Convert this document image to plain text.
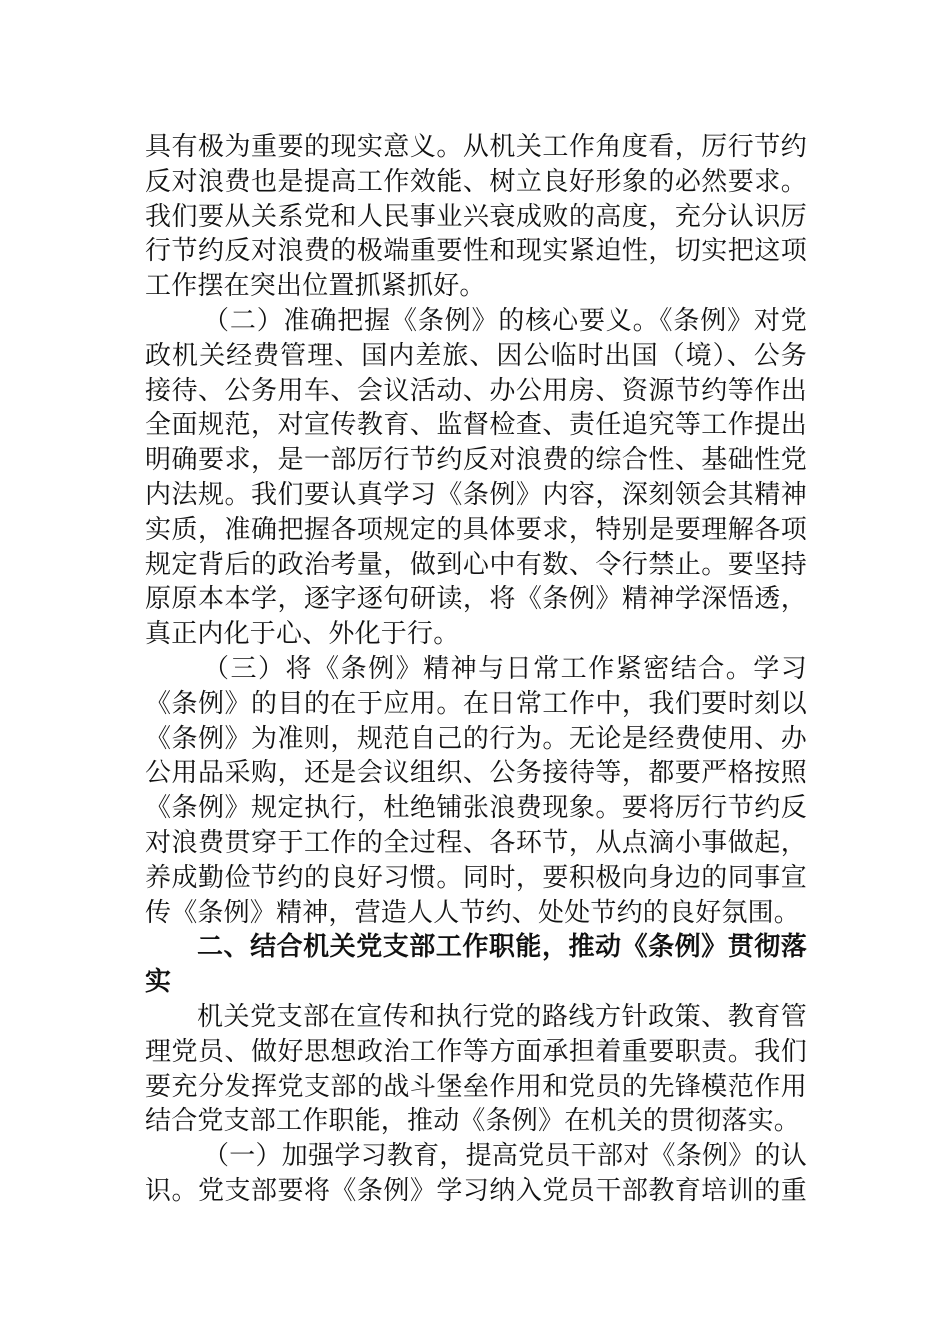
具有极为重要的现实意义。从机关工作角度看，厉行节约
反对浪费也是提高工作效能、树立良好形象的必然要求。
我们要从关系党和人民事业兴衰成败的高度，充分认识厉
行节约反对浪费的极端重要性和现实紧迫性，切实把这项
工作摆在突出位置抓紧抓好。
（二）准确把握《条例》的核心要义。《条例》对党
政机关经费管理、国内差旅、因公临时出国（境）、公务
接待、公务用车、会议活动、办公用房、资源节约等作出
全面规范，对宣传教育、监督检查、责任追究等工作提出
明确要求，是一部厉行节约反对浪费的综合性、基础性党
内法规。我们要认真学习《条例》内容，深刻领会其精神
实质，准确把握各项规定的具体要求，特别是要理解各项
规定背后的政治考量，做到心中有数、令行禁止。要坚持
原原本本学，逐字逐句研读，将《条例》精神学深悟透，
真正内化于心、外化于行。
（三）将《条例》精神与日常工作紧密结合。学习
《条例》的目的在于应用。在日常工作中，我们要时刻以
《条例》为准则，规范自己的行为。无论是经费使用、办
公用品采购，还是会议组织、公务接待等，都要严格按照
《条例》规定执行，杜绝铺张浪费现象。要将厉行节约反
对浪费贯穿于工作的全过程、各环节，从点滴小事做起，
养成勤俭节约的良好习惯。同时，要积极向身边的同事宣
传《条例》精神，营造人人节约、处处节约的良好氛围。
二、结合机关党支部工作职能，推动《条例》贯彻落
实
机关党支部在宣传和执行党的路线方针政策、教育管
理党员、做好思想政治工作等方面承担着重要职责。我们
要充分发挥党支部的战斗堡垒作用和党员的先锋模范作用
结合党支部工作职能，推动《条例》在机关的贯彻落实。
（一）加强学习教育，提高党员干部对《条例》的认
识。党支部要将《条例》学习纳入党员干部教育培训的重
